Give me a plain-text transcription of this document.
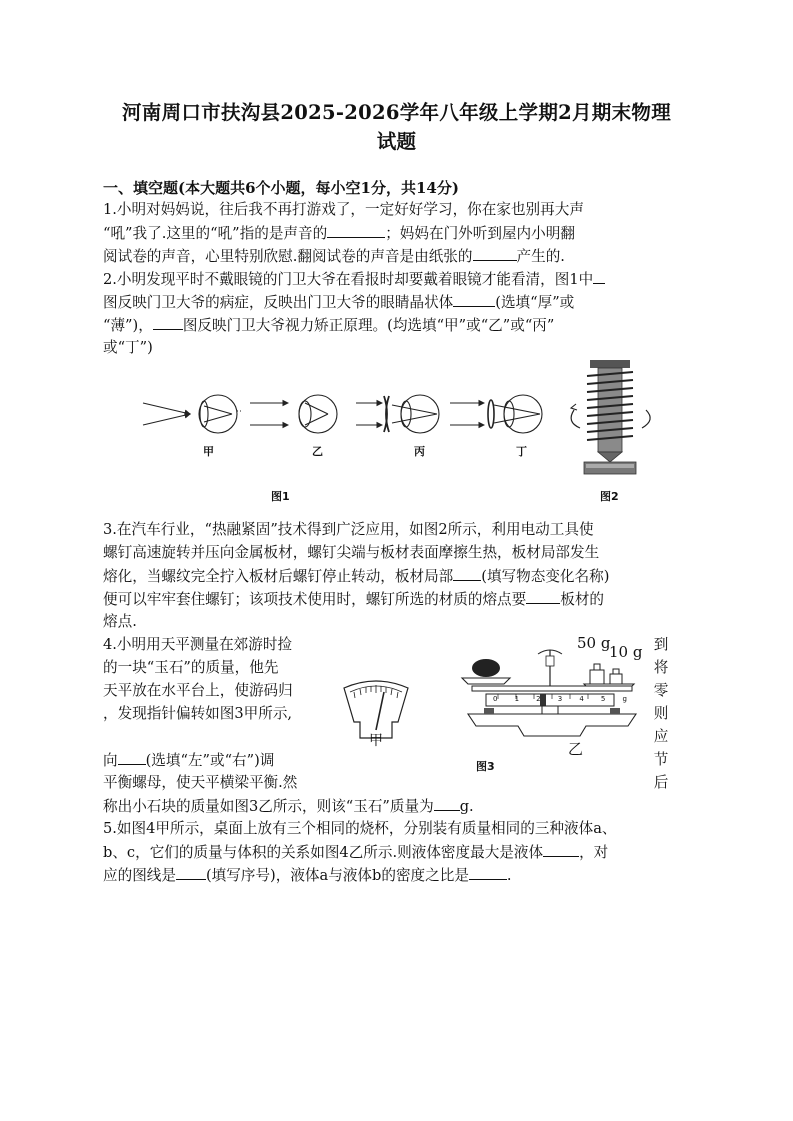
河南周口市扶沟县2025-2026学年八年级上学期2月期末物理
试题
一、填空题(本大题共6个小题，每小空1分，共14分)
1.小明对妈妈说，往后我不再打游戏了，一定好好学习，你在家也别再大声
“吼”我了.这里的“吼”指的是声音的	；妈妈在门外听到屋内小明翻
阅试卷的声音，心里特别欣慰.翻阅试卷的声音是由纸张的	产生的.
2.小明发现平时不戴眼镜的门卫大爷在看报时却要戴着眼镜才能看清，图1中
图反映门卫大爷的病症，反映出门卫大爷的眼睛晶状体	(选填“厚”或
“薄”)， 图反映门卫大爷视力矫正原理。(均选填“甲”或“乙”或“丙”
或“丁”)
甲	乙	丙	丁
图1	图2
3.在汽车行业，“热融紧固”技术得到广泛应用，如图2所示，利用电动工具使
螺钉高速旋转并压向金属板材，螺钉尖端与板材表面摩擦生热，板材局部发生
熔化，当螺纹完全拧入板材后螺钉停止转动，板材局部 (填写物态变化名称)
便可以牢牢套住螺钉；该项技术使用时，螺钉所选的材质的熔点要 板材的
熔点.
4.小明用天平测量在郊游时捡
的一块“玉石”的质量，他先
天平放在水平台上，使游码归
，发现指针偏转如图3甲所示,
向 (选填“左”或“右”)调
平衡螺母，使天平横梁平衡.然
到
将
零
则
应
节
后
甲
50 g
10 g
0 1 2 3 4 5 g
乙
图3
称出小石块的质量如图3乙所示，则该“玉石”质量为 g.
5.如图4甲所示，桌面上放有三个相同的烧杯，分别装有质量相同的三种液体a、
b、c，它们的质量与体积的关系如图4乙所示.则液体密度最大是液体 ，对
应的图线是 (填写序号)，液体a与液体b的密度之比是	.
